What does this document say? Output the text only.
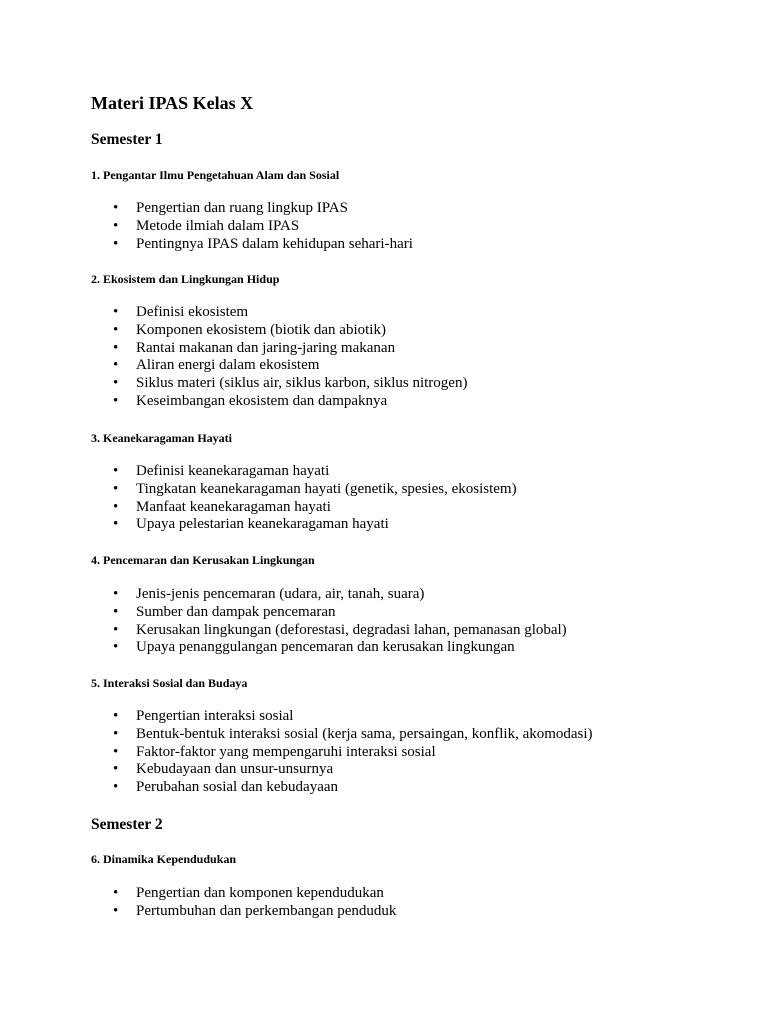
Materi IPAS Kelas X
Semester 1
1. Pengantar Ilmu Pengetahuan Alam dan Sosial
• Pengertian dan ruang lingkup IPAS
• Metode ilmiah dalam IPAS
• Pentingnya IPAS dalam kehidupan sehari-hari
2. Ekosistem dan Lingkungan Hidup
• Definisi ekosistem
• Komponen ekosistem (biotik dan abiotik)
• Rantai makanan dan jaring-jaring makanan
• Aliran energi dalam ekosistem
• Siklus materi (siklus air, siklus karbon, siklus nitrogen)
• Keseimbangan ekosistem dan dampaknya
3. Keanekaragaman Hayati
• Definisi keanekaragaman hayati
• Tingkatan keanekaragaman hayati (genetik, spesies, ekosistem)
• Manfaat keanekaragaman hayati
• Upaya pelestarian keanekaragaman hayati
4. Pencemaran dan Kerusakan Lingkungan
• Jenis-jenis pencemaran (udara, air, tanah, suara)
• Sumber dan dampak pencemaran
• Kerusakan lingkungan (deforestasi, degradasi lahan, pemanasan global)
• Upaya penanggulangan pencemaran dan kerusakan lingkungan
5. Interaksi Sosial dan Budaya
• Pengertian interaksi sosial
• Bentuk-bentuk interaksi sosial (kerja sama, persaingan, konflik, akomodasi)
• Faktor-faktor yang mempengaruhi interaksi sosial
• Kebudayaan dan unsur-unsurnya
• Perubahan sosial dan kebudayaan
Semester 2
6. Dinamika Kependudukan
• Pengertian dan komponen kependudukan
• Pertumbuhan dan perkembangan penduduk
